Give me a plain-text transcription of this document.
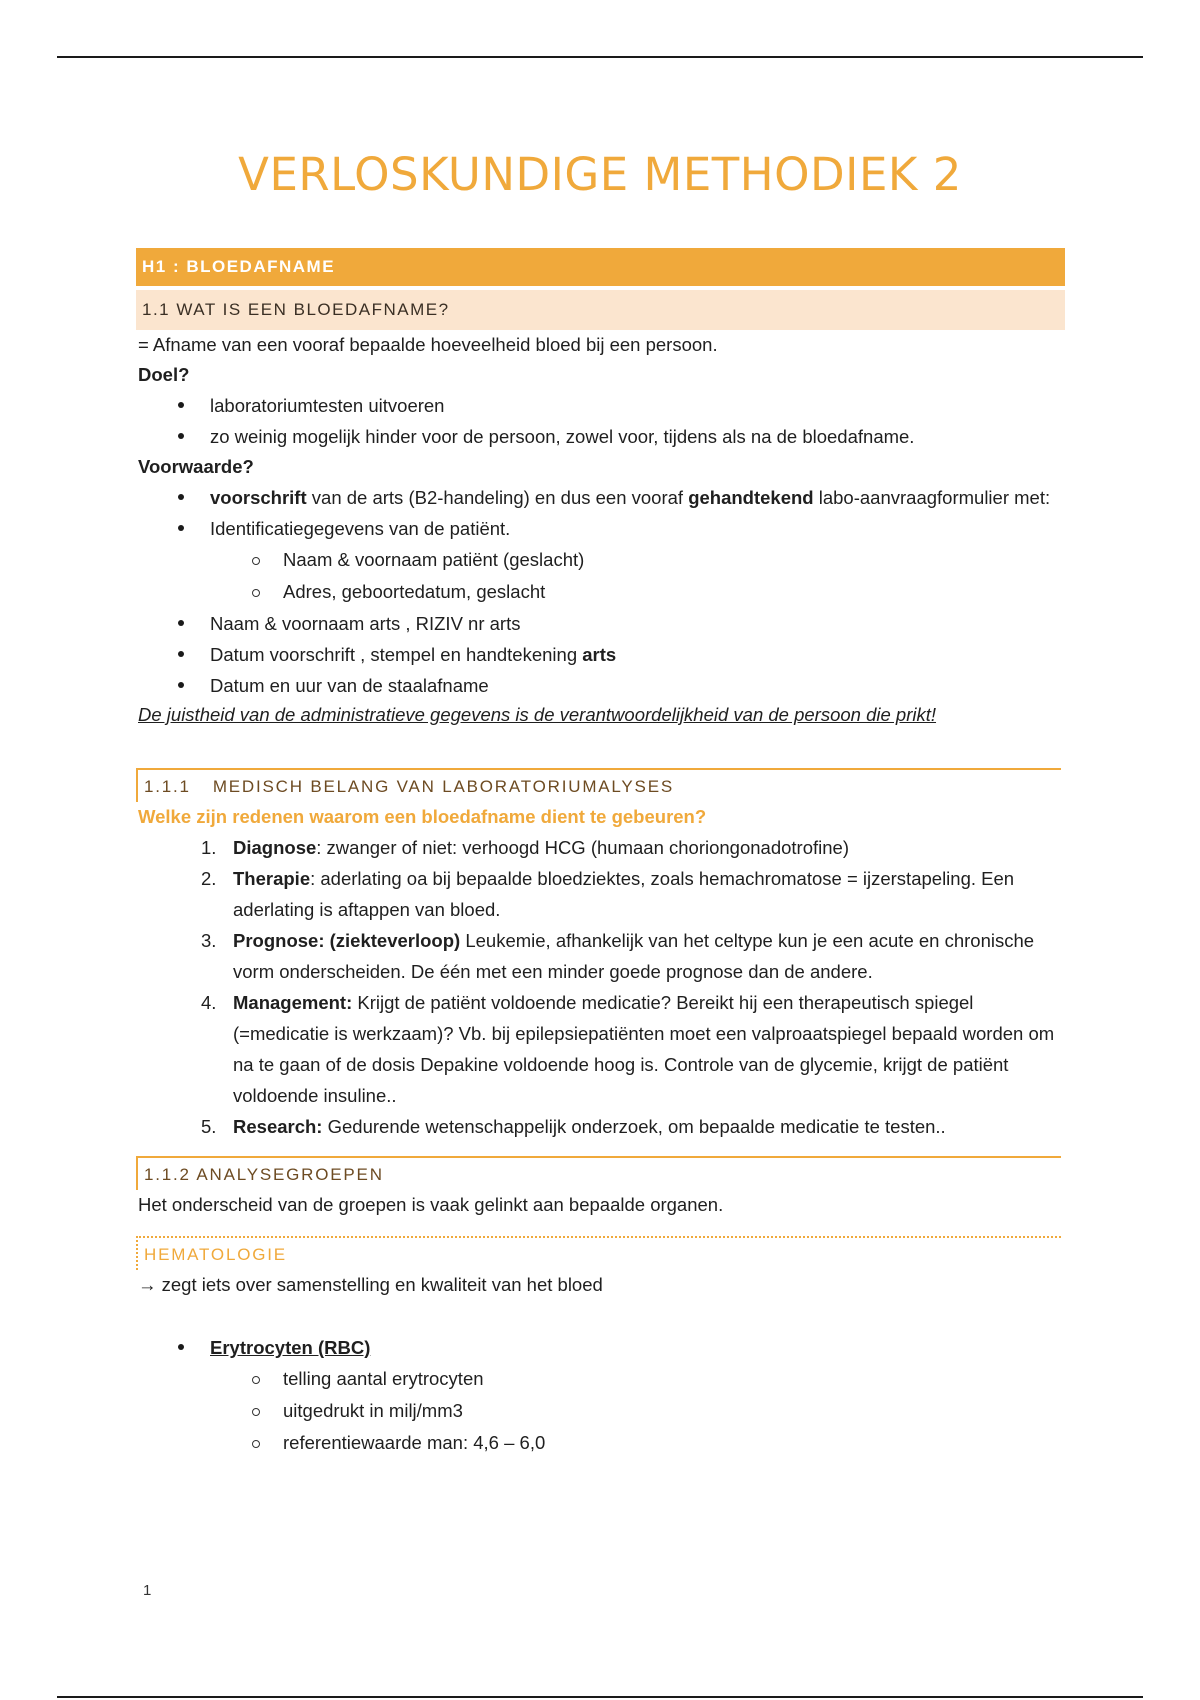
VERLOSKUNDIGE METHODIEK 2
H1 : BLOEDAFNAME
1.1 WAT IS EEN BLOEDAFNAME?

= Afname van een vooraf bepaalde hoeveelheid bloed bij een persoon.

Doel?

laboratoriumtesten uitvoeren
zo weinig mogelijk hinder voor de persoon, zowel voor, tijdens als na de bloedafname.

Voorwaarde?

voorschrift van de arts (B2-handeling) en dus een vooraf gehandtekend labo-aanvraagformulier met:
Identificatiegegevens van de patiënt.
Naam & voornaam patiënt (geslacht)
Adres, geboortedatum, geslacht
Naam & voornaam arts , RIZIV nr arts
Datum voorschrift , stempel en handtekening arts
Datum en uur van de staalafname

De juistheid van de administratieve gegevens is de verantwoordelijkheid van de persoon die prikt!

1.1.1 MEDISCH BELANG VAN LABORATORIUMALYSES

Welke zijn redenen waarom een bloedafname dient te gebeuren?

1. Diagnose: zwanger of niet: verhoogd HCG (humaan choriongonadotrofine)
2. Therapie: aderlating oa bij bepaalde bloedziektes, zoals hemachromatose = ijzerstapeling. Een aderlating is aftappen van bloed.
3. Prognose: (ziekteverloop) Leukemie, afhankelijk van het celtype kun je een acute en chronische vorm onderscheiden. De één met een minder goede prognose dan de andere.
4. Management: Krijgt de patiënt voldoende medicatie? Bereikt hij een therapeutisch spiegel (=medicatie is werkzaam)? Vb. bij epilepsiepatiënten moet een valproaatspiegel bepaald worden om na te gaan of de dosis Depakine voldoende hoog is. Controle van de glycemie, krijgt de patiënt voldoende insuline..
5. Research: Gedurende wetenschappelijk onderzoek, om bepaalde medicatie te testen..
1.1.2 ANALYSEGROEPEN

Het onderscheid van de groepen is vaak gelinkt aan bepaalde organen.

HEMATOLOGIE

→ zegt iets over samenstelling en kwaliteit van het bloed

Erytrocyten (RBC)
telling aantal erytrocyten
uitgedrukt in milj/mm3
referentiewaarde man: 4,6 – 6,0
1
